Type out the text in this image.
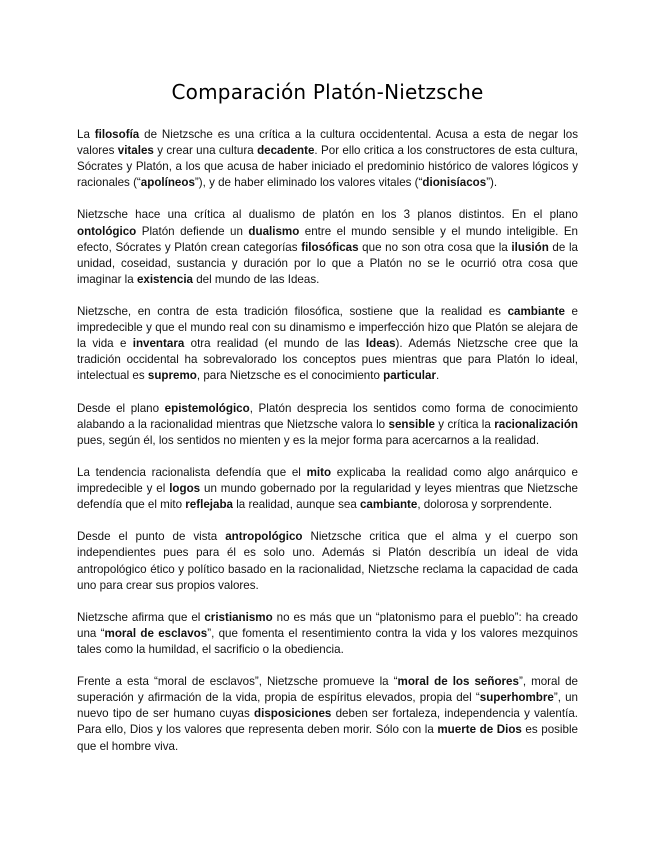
Comparación Platón-Nietzsche

La filosofía de Nietzsche es una crítica a la cultura occidentental. Acusa a esta de negar los valores vitales y crear una cultura decadente. Por ello critica a los constructores de esta cultura, Sócrates y Platón, a los que acusa de haber iniciado el predominio histórico de valores lógicos y racionales (“apolíneos”), y de haber eliminado los valores vitales (“dionisíacos”).

Nietzsche hace una crítica al dualismo de platón en los 3 planos distintos. En el plano ontológico Platón defiende un dualismo entre el mundo sensible y el mundo inteligible. En efecto, Sócrates y Platón crean categorías filosóficas que no son otra cosa que la ilusión de la unidad, coseidad, sustancia y duración por lo que a Platón no se le ocurrió otra cosa que imaginar la existencia del mundo de las Ideas.

Nietzsche, en contra de esta tradición filosófica, sostiene que la realidad es cambiante e impredecible y que el mundo real con su dinamismo e imperfección hizo que Platón se alejara de la vida e inventara otra realidad (el mundo de las Ideas). Además Nietzsche cree que la tradición occidental ha sobrevalorado los conceptos pues mientras que para Platón lo ideal, intelectual es supremo, para Nietzsche es el conocimiento particular.

Desde el plano epistemológico, Platón desprecia los sentidos como forma de conocimiento alabando a la racionalidad mientras que Nietzsche valora lo sensible y crítica la racionalización pues, según él, los sentidos no mienten y es la mejor forma para acercarnos a la realidad.

La tendencia racionalista defendía que el mito explicaba la realidad como algo anárquico e impredecible y el logos un mundo gobernado por la regularidad y leyes mientras que Nietzsche defendía que el mito reflejaba la realidad, aunque sea cambiante, dolorosa y sorprendente.

Desde el punto de vista antropológico Nietzsche critica que el alma y el cuerpo son independientes pues para él es solo uno. Además si Platón describía un ideal de vida antropológico ético y político basado en la racionalidad, Nietzsche reclama la capacidad de cada uno para crear sus propios valores.

Nietzsche afirma que el cristianismo no es más que un “platonismo para el pueblo”: ha creado una “moral de esclavos”, que fomenta el resentimiento contra la vida y los valores mezquinos tales como la humildad, el sacrificio o la obediencia.

Frente a esta “moral de esclavos”, Nietzsche promueve la “moral de los señores”, moral de superación y afirmación de la vida, propia de espíritus elevados, propia del “superhombre”, un nuevo tipo de ser humano cuyas disposiciones deben ser fortaleza, independencia y valentía. Para ello, Dios y los valores que representa deben morir. Sólo con la muerte de Dios es posible que el hombre viva.
